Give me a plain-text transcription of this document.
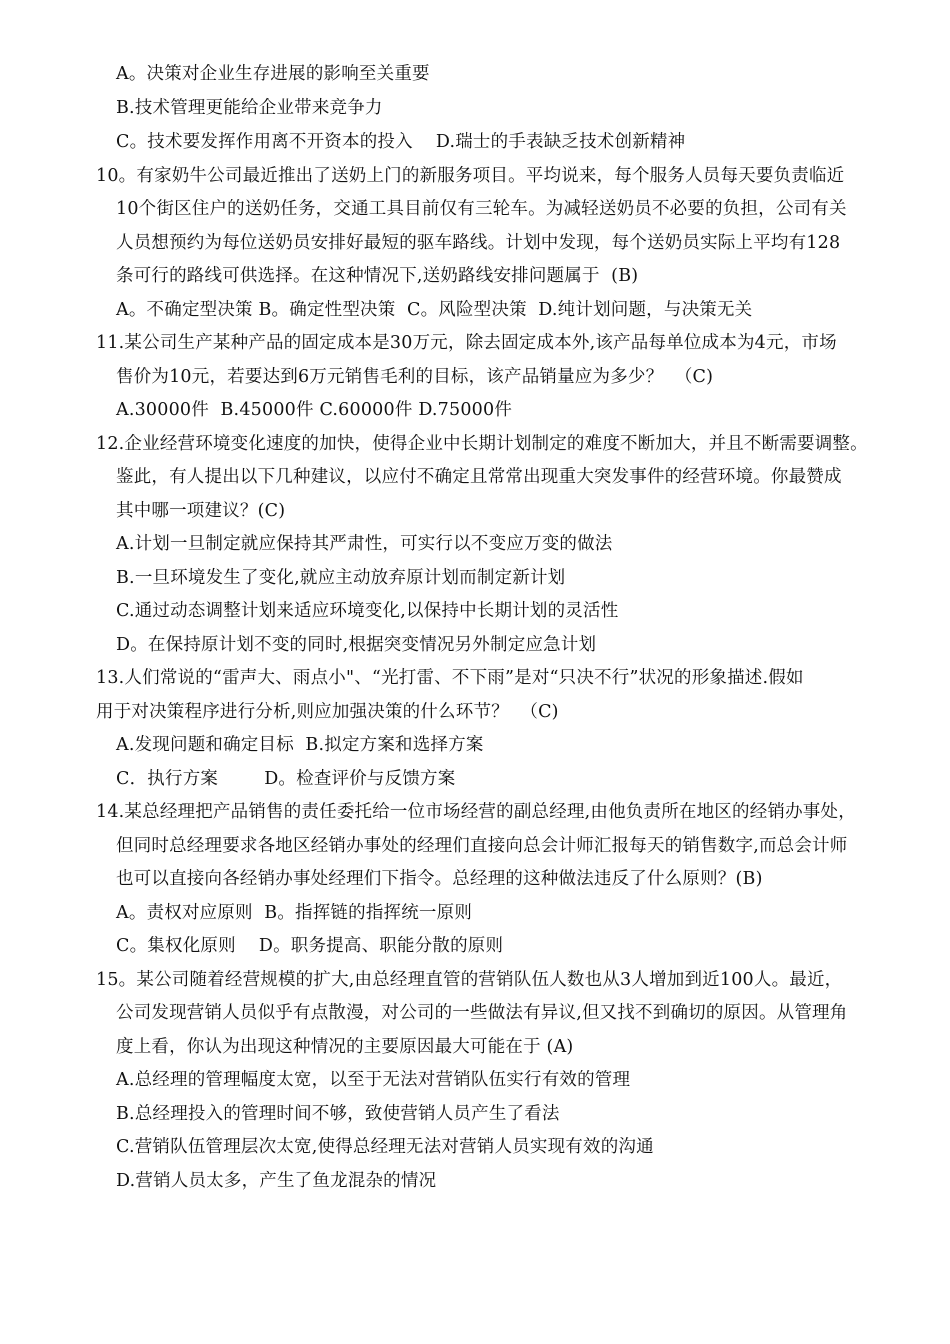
A。决策对企业生存进展的影响至关重要
B.技术管理更能给企业带来竞争力
C。技术要发挥作用离不开资本的投入    D.瑞士的手表缺乏技术创新精神
10。有家奶牛公司最近推出了送奶上门的新服务项目。平均说来，每个服务人员每天要负责临近
10个街区住户的送奶任务，交通工具目前仅有三轮车。为减轻送奶员不必要的负担，公司有关
人员想预约为每位送奶员安排好最短的驱车路线。计划中发现，每个送奶员实际上平均有128
条可行的路线可供选择。在这种情况下,送奶路线安排问题属于  (B)
A。不确定型决策 B。确定性型决策  C。风险型决策  D.纯计划问题，与决策无关
11.某公司生产某种产品的固定成本是30万元，除去固定成本外,该产品每单位成本为4元，市场
售价为10元，若要达到6万元销售毛利的目标，该产品销量应为多少？  （C)
A.30000件  B.45000件 C.60000件 D.75000件
12.企业经营环境变化速度的加快，使得企业中长期计划制定的难度不断加大，并且不断需要调整。
鉴此，有人提出以下几种建议，以应付不确定且常常出现重大突发事件的经营环境。你最赞成
其中哪一项建议？(C)
A.计划一旦制定就应保持其严肃性，可实行以不变应万变的做法
B.一旦环境发生了变化,就应主动放弃原计划而制定新计划
C.通过动态调整计划来适应环境变化,以保持中长期计划的灵活性
D。在保持原计划不变的同时,根据突变情况另外制定应急计划
13.人们常说的“雷声大、雨点小"、“光打雷、不下雨”是对“只决不行”状况的形象描述.假如
用于对决策程序进行分析,则应加强决策的什么环节？  （C)
A.发现问题和确定目标  B.拟定方案和选择方案
C．执行方案        D。检查评价与反馈方案
14.某总经理把产品销售的责任委托给一位市场经营的副总经理,由他负责所在地区的经销办事处，
但同时总经理要求各地区经销办事处的经理们直接向总会计师汇报每天的销售数字,而总会计师
也可以直接向各经销办事处经理们下指令。总经理的这种做法违反了什么原则？(B)
A。责权对应原则  B。指挥链的指挥统一原则
C。集权化原则    D。职务提高、职能分散的原则
15。某公司随着经营规模的扩大,由总经理直管的营销队伍人数也从3人增加到近100人。最近，
公司发现营销人员似乎有点散漫，对公司的一些做法有异议,但又找不到确切的原因。从管理角
度上看，你认为出现这种情况的主要原因最大可能在于 (A)
A.总经理的管理幅度太宽，以至于无法对营销队伍实行有效的管理
B.总经理投入的管理时间不够，致使营销人员产生了看法
C.营销队伍管理层次太宽,使得总经理无法对营销人员实现有效的沟通
D.营销人员太多，产生了鱼龙混杂的情况
